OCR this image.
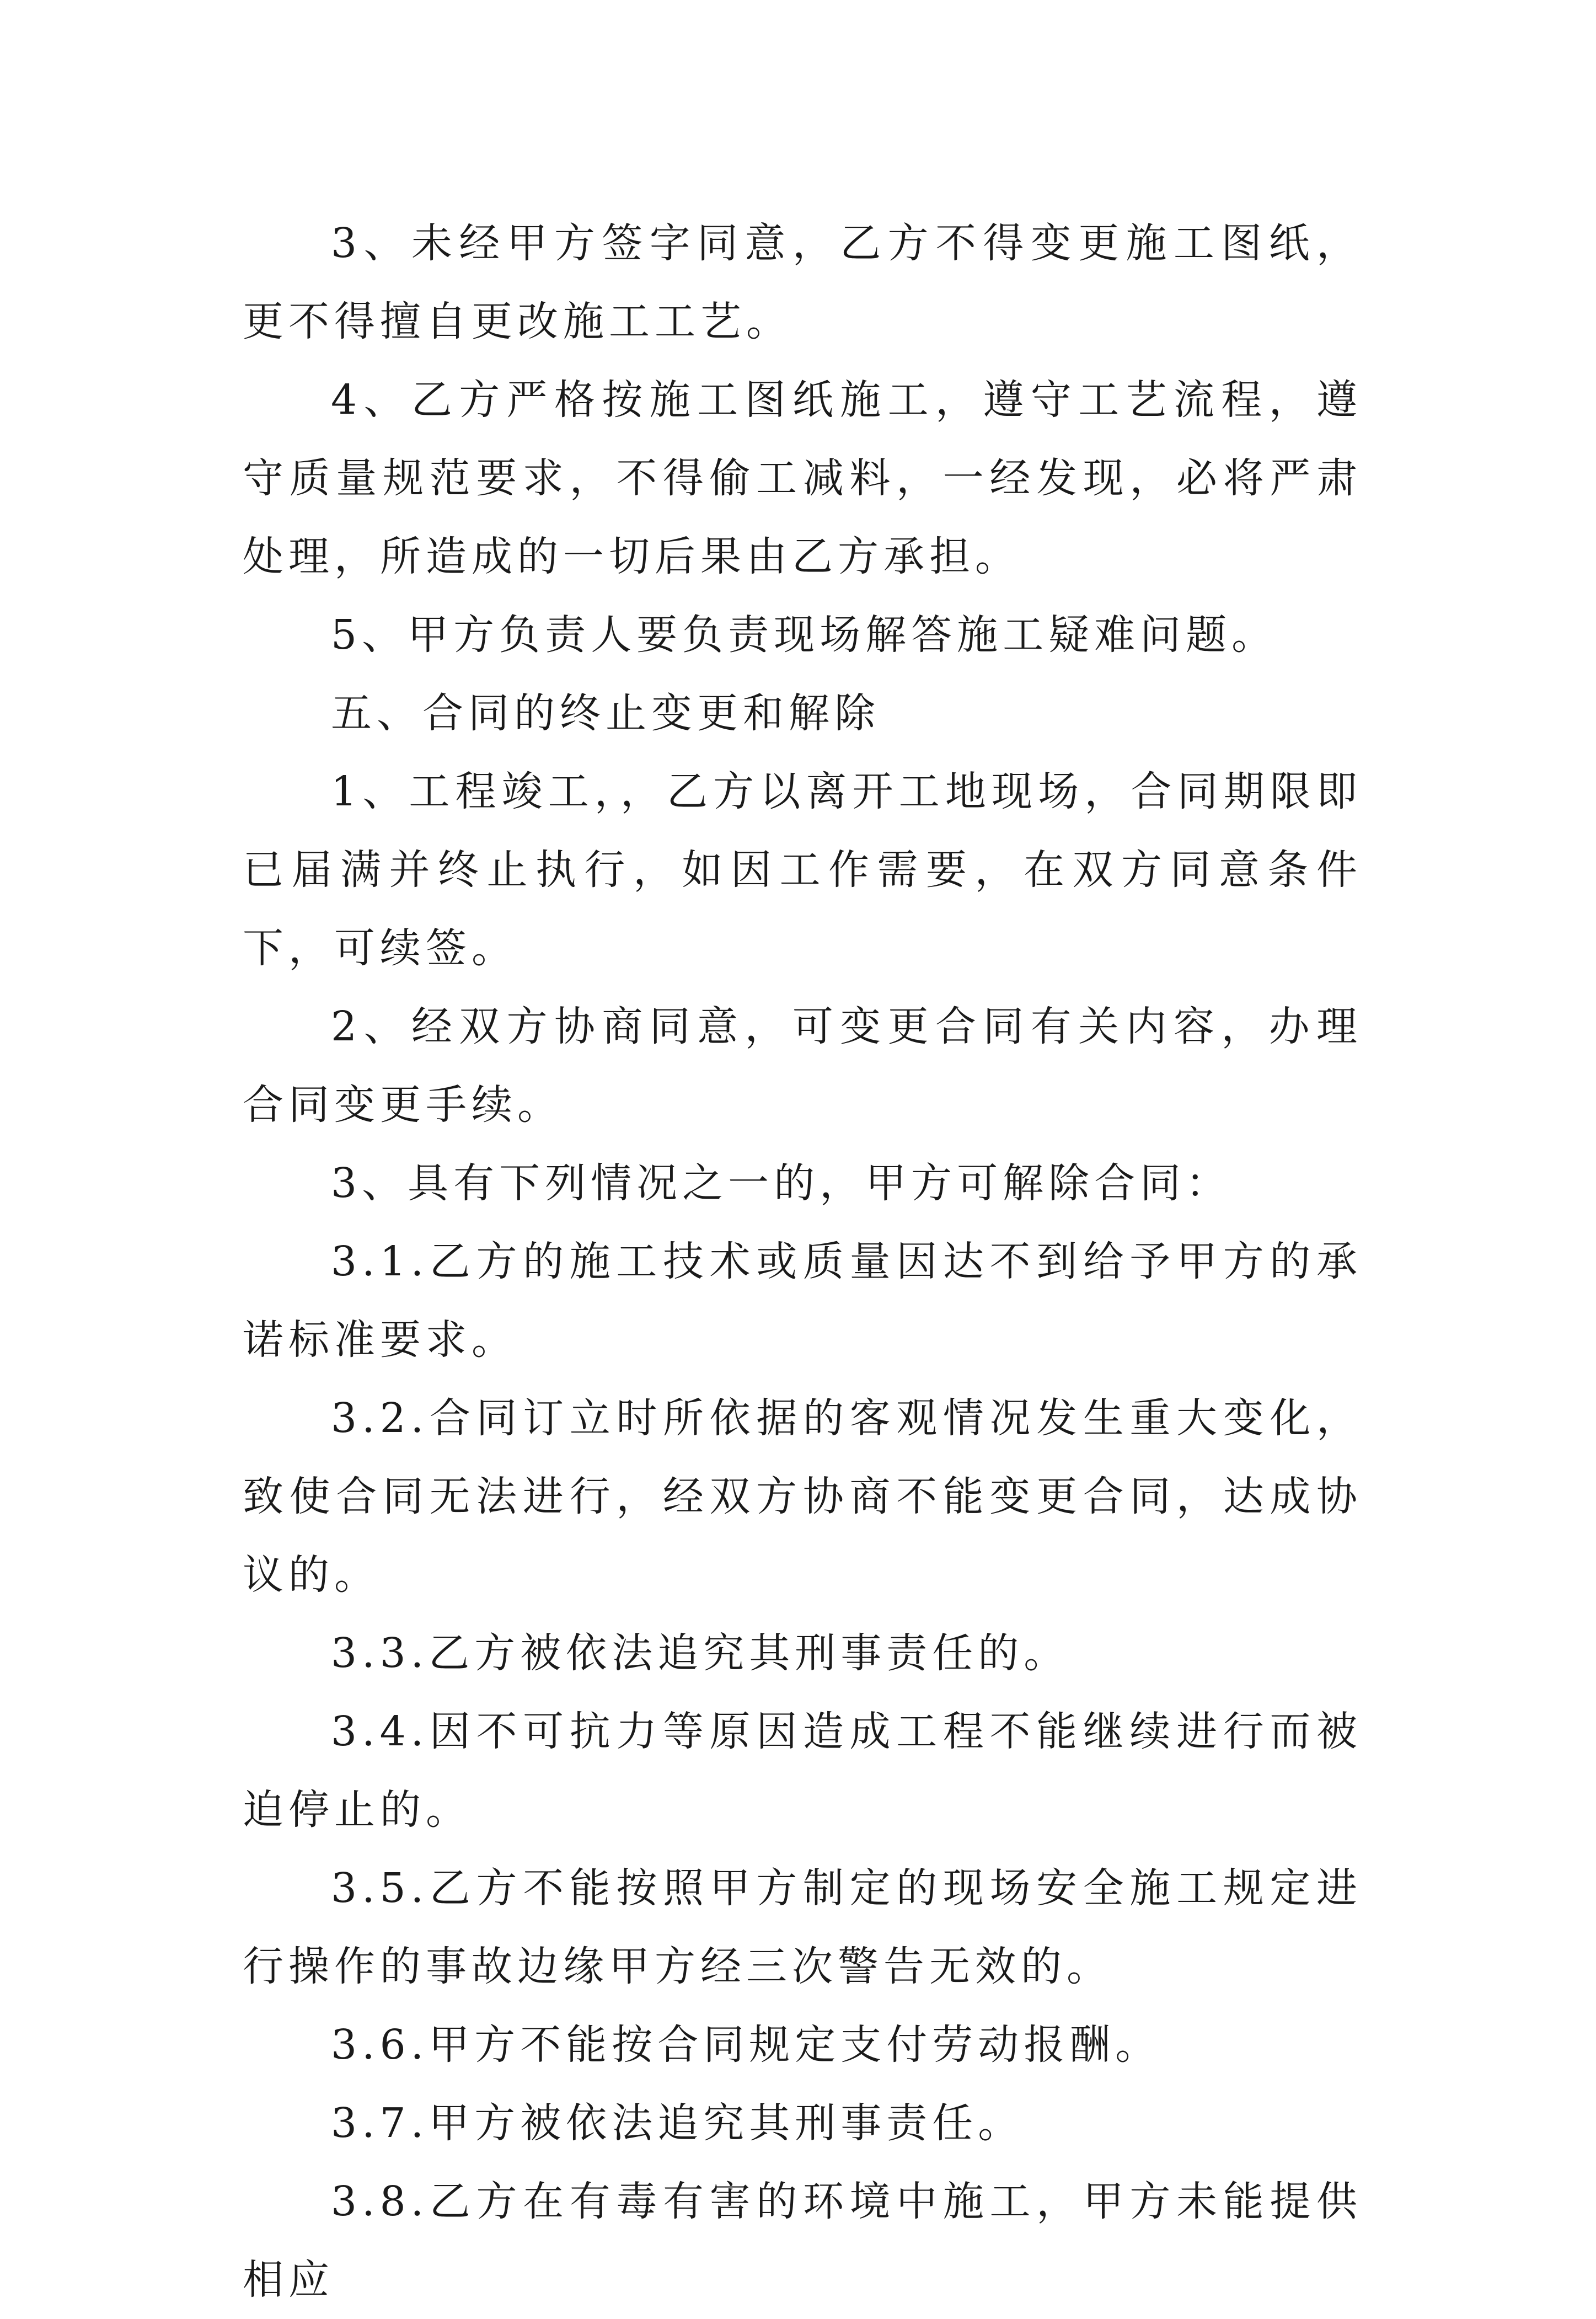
3、未经甲方签字同意，乙方不得变更施工图纸，更不得擅自更改施工工艺。

4、乙方严格按施工图纸施工，遵守工艺流程，遵守质量规范要求，不得偷工减料，一经发现，必将严肃处理，所造成的一切后果由乙方承担。

5、甲方负责人要负责现场解答施工疑难问题。

五、合同的终止变更和解除

1、工程竣工，，乙方以离开工地现场，合同期限即已届满并终止执行，如因工作需要，在双方同意条件下，可续签。

2、经双方协商同意，可变更合同有关内容，办理合同变更手续。

3、具有下列情况之一的，甲方可解除合同：

3.1.乙方的施工技术或质量因达不到给予甲方的承诺标准要求。

3.2.合同订立时所依据的客观情况发生重大变化，致使合同无法进行，经双方协商不能变更合同，达成协议的。

3.3.乙方被依法追究其刑事责任的。

3.4.因不可抗力等原因造成工程不能继续进行而被迫停止的。

3.5.乙方不能按照甲方制定的现场安全施工规定进行操作的事故边缘甲方经三次警告无效的。

3.6.甲方不能按合同规定支付劳动报酬。

3.7.甲方被依法追究其刑事责任。

3.8.乙方在有毒有害的环境中施工，甲方未能提供相应
